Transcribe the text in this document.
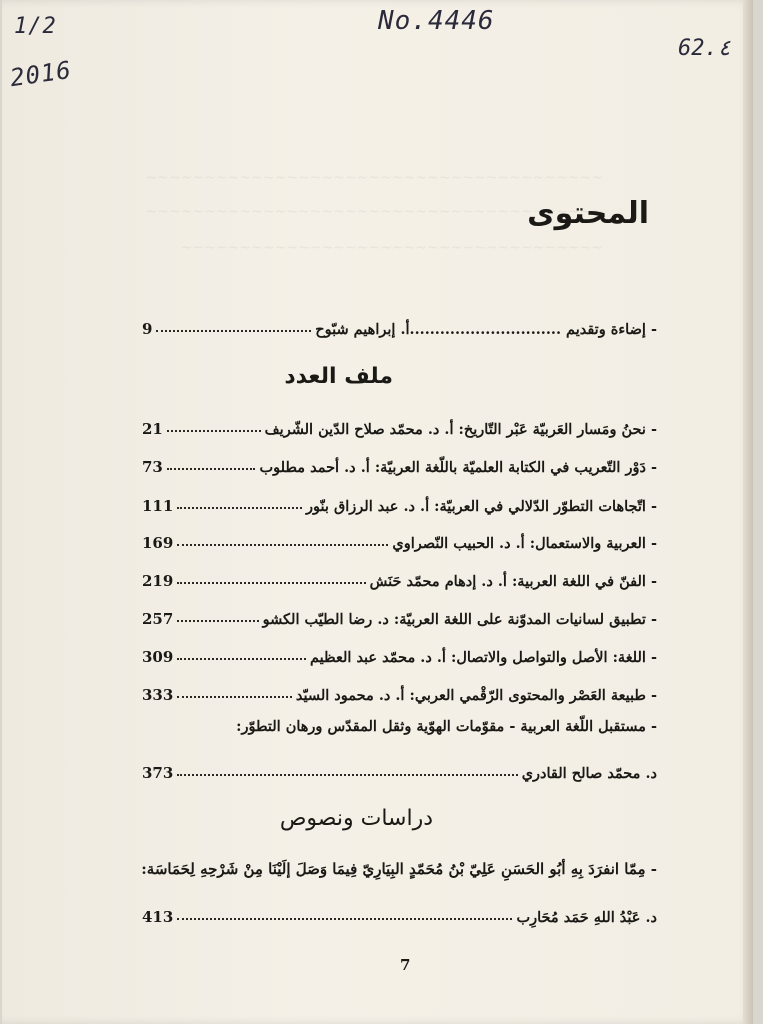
1/2
2016
No.4446
62.٤
~~~~~~~~~~~~~~~~~~~~~~~~~~~~~~~~~~~~~~~
~~~~~~~~~~~~~~~~~~~~~~~~~~~~~~~~~~~~~~~
~~~~~~~~~~~~~~~~~~~~~~~~~~~~~~~~~~~~
المحتوى
- إضاءة وتقديم ..............................أ. إبراهيم شبّوح
9
ملف العدد
- نحنُ ومَسار العَربيّة عَبْر التّاريخ: أ. د. محمّد صلاح الدّين الشّريف
21
- دَوْر التّعريب في الكتابة العلميّة باللّغة العربيّة: أ. د. أحمد مطلوب
73
- اتّجاهات التطوّر الدّلالي في العربيّة: أ. د. عبد الرزاق بنّور
111
- العربية والاستعمال: أ. د. الحبيب النّصراوي
169
- الفنّ في اللغة العربية: أ. د. إدهام محمّد حَنَش
219
- تطبيق لسانيات المدوّنة على اللغة العربيّة: د. رضا الطيّب الكشو
257
- اللغة: الأصل والتواصل والاتصال: أ. د. محمّد عبد العظيم
309
- طبيعة العَصْر والمحتوى الرّقْمي العربي: أ. د. محمود السيّد
333
- مستقبل اللّغة العربية - مقوّمات الهوّية وثقل المقدّس ورهان التطوّر:
د. محمّد صالح القادري
373
دراسات ونصوص
- مِمّا انفرَدَ بِهِ أبُو الحَسَنِ عَلِيّ بْنُ مُحَمّدٍ البِيَارِيّ فِيمَا وَصَلَ إلَيْنَا مِنْ شَرْحِهِ لِحَمَاسَة:
د. عَبْدُ اللهِ حَمَد مُحَارِب
413
7
